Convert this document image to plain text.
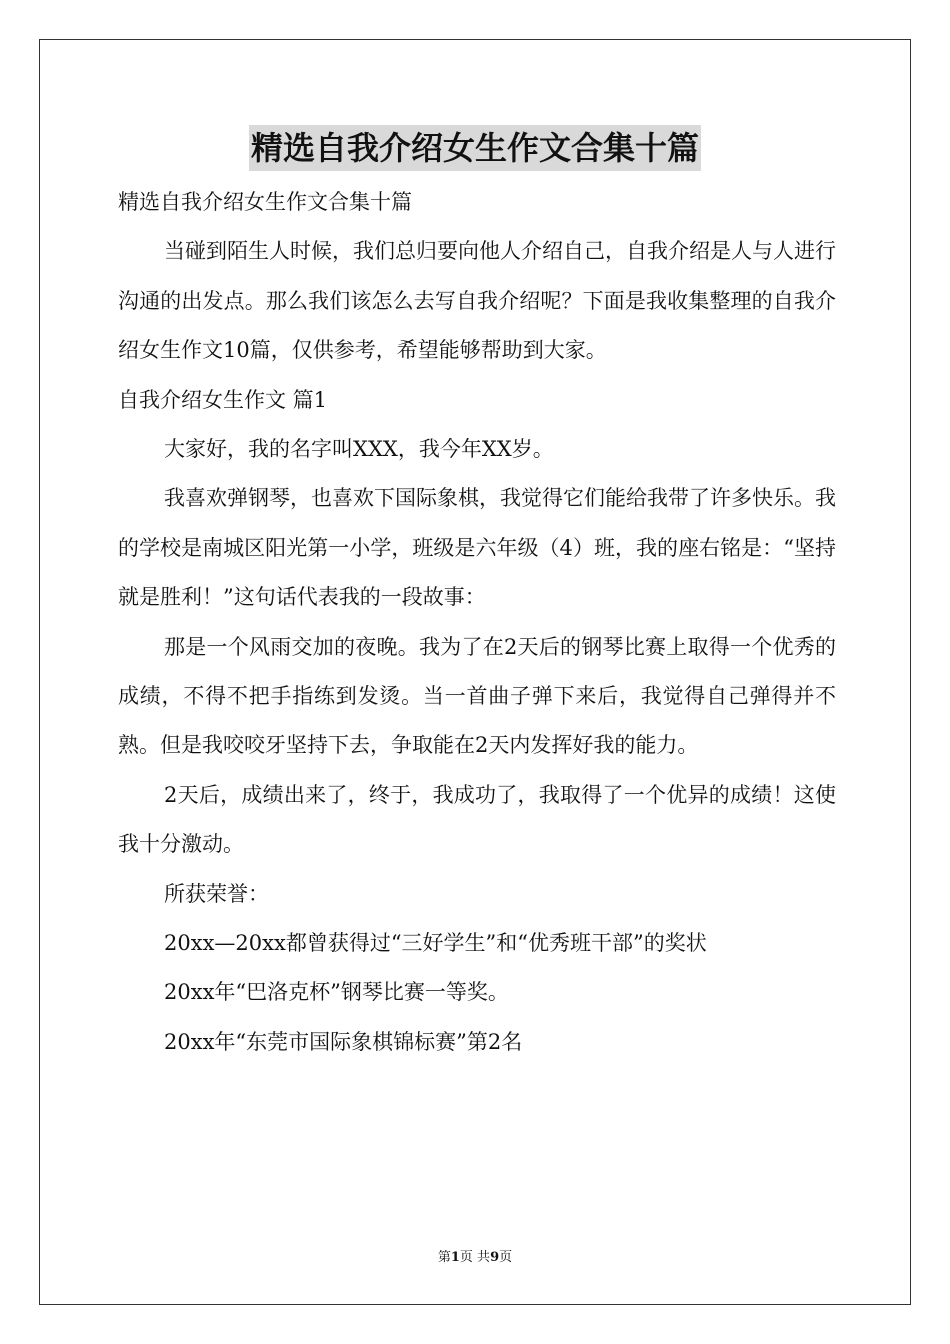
精选自我介绍女生作文合集十篇
精选自我介绍女生作文合集十篇

当碰到陌生人时候，我们总归要向他人介绍自己，自我介绍是人与人进行沟通的出发点。那么我们该怎么去写自我介绍呢？下面是我收集整理的自我介绍女生作文10篇，仅供参考，希望能够帮助到大家。

自我介绍女生作文 篇1

大家好，我的名字叫XXX，我今年XX岁。

我喜欢弹钢琴，也喜欢下国际象棋，我觉得它们能给我带了许多快乐。我的学校是南城区阳光第一小学，班级是六年级（4）班，我的座右铭是：“坚持就是胜利！”这句话代表我的一段故事：

那是一个风雨交加的夜晚。我为了在2天后的钢琴比赛上取得一个优秀的成绩，不得不把手指练到发烫。当一首曲子弹下来后，我觉得自己弹得并不熟。但是我咬咬牙坚持下去，争取能在2天内发挥好我的能力。

2天后，成绩出来了，终于，我成功了，我取得了一个优异的成绩！这使我十分激动。

所获荣誉：

20xx—20xx都曾获得过“三好学生”和“优秀班干部”的奖状

20xx年“巴洛克杯”钢琴比赛一等奖。

20xx年“东莞市国际象棋锦标赛”第2名

第1页 共9页
